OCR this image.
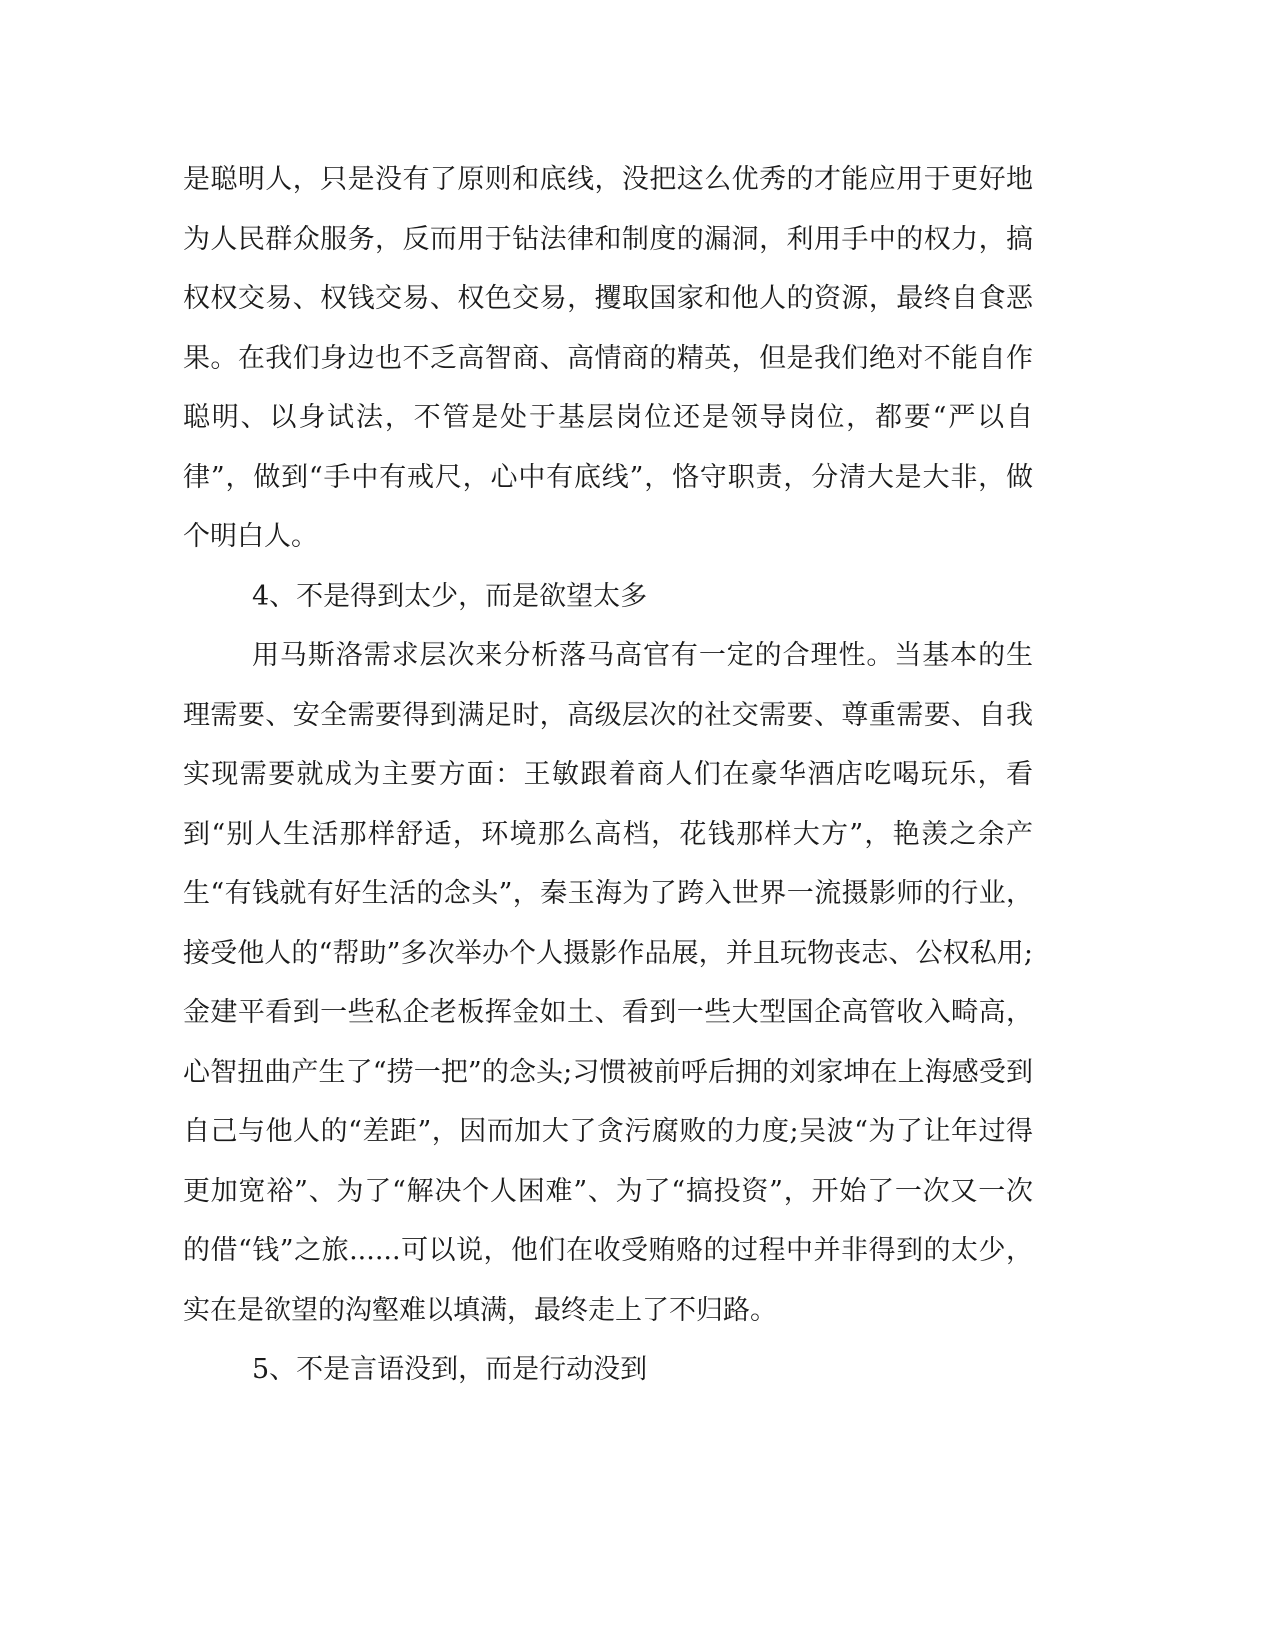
是聪明人，只是没有了原则和底线，没把这么优秀的才能应用于更好地为人民群众服务，反而用于钻法律和制度的漏洞，利用手中的权力，搞权权交易、权钱交易、权色交易，攫取国家和他人的资源，最终自食恶果。在我们身边也不乏高智商、高情商的精英，但是我们绝对不能自作聪明、以身试法，不管是处于基层岗位还是领导岗位，都要“严以自律”，做到“手中有戒尺，心中有底线”，恪守职责，分清大是大非，做个明白人。

4、不是得到太少，而是欲望太多

用马斯洛需求层次来分析落马高官有一定的合理性。当基本的生理需要、安全需要得到满足时，高级层次的社交需要、尊重需要、自我实现需要就成为主要方面：王敏跟着商人们在豪华酒店吃喝玩乐，看到“别人生活那样舒适，环境那么高档，花钱那样大方”，艳羡之余产生“有钱就有好生活的念头”，秦玉海为了跨入世界一流摄影师的行业，接受他人的“帮助”多次举办个人摄影作品展，并且玩物丧志、公权私用;金建平看到一些私企老板挥金如土、看到一些大型国企高管收入畸高，心智扭曲产生了“捞一把”的念头;习惯被前呼后拥的刘家坤在上海感受到自己与他人的“差距”，因而加大了贪污腐败的力度;吴波“为了让年过得更加宽裕”、为了“解决个人困难”、为了“搞投资”，开始了一次又一次的借“钱”之旅......可以说，他们在收受贿赂的过程中并非得到的太少，实在是欲望的沟壑难以填满，最终走上了不归路。

5、不是言语没到，而是行动没到
